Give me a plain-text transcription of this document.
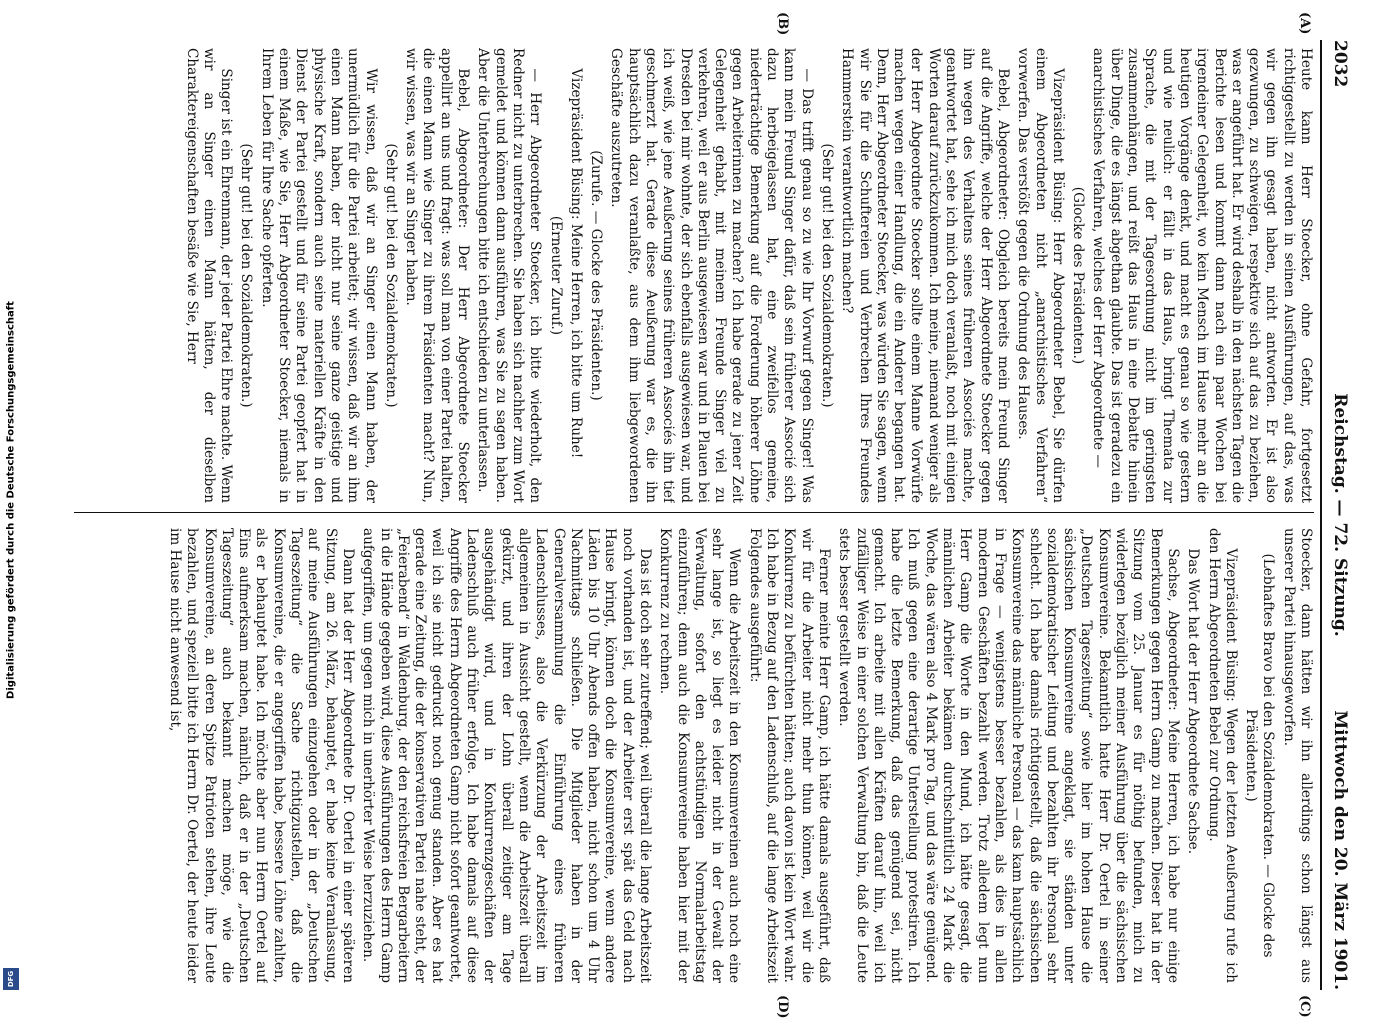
Digitalisierung gefördert durch die Deutsche Forschungsgemeinschaft
DFG
2032
Reichstag. — 72. Sitzung.
Mittwoch den 20. März 1901.
(A)
(B)
(C)
(D)

Heute kann Herr Stoecker, ohne Gefahr, fortgesetzt richtiggestellt zu werden in seinen Ausführungen, auf das, was wir gegen ihn gesagt haben, nicht antworten. Er ist also gezwungen, zu schweigen, respektive sich auf das zu beziehen, was er angeführt hat. Er wird deshalb in den nächsten Tagen die Berichte lesen und kommt dann nach ein paar Wochen bei irgendeiner Gelegenheit, wo kein Mensch im Hause mehr an die heutigen Vorgänge denkt, und macht es genau so wie gestern und wie neulich: er fällt in das Haus, bringt Themata zur Sprache, die mit der Tagesordnung nicht im geringsten zusammenhängen, und reißt das Haus in eine Debatte hinein über Dinge, die es längst abgethan glaubte. Das ist geradezu ein anarchistisches Verfahren, welches der Herr Abgeordnete —

(Glocke des Präsidenten.)

Vizepräsident Büsing: Herr Abgeordneter Bebel, Sie dürfen einem Abgeordneten nicht „anarchistisches Verfahren“ vorwerfen. Das verstößt gegen die Ordnung des Hauses.

Bebel, Abgeordneter: Obgleich bereits mein Freund Singer auf die Angriffe, welche der Herr Abgeordnete Stoecker gegen ihn wegen des Verhaltens seines früheren Associés machte, geantwortet hat, sehe ich mich doch veranlaßt, noch mit einigen Worten darauf zurückzukommen. Ich meine, niemand weniger als der Herr Abgeordnete Stoecker sollte einem Manne Vorwürfe machen wegen einer Handlung, die ein Anderer begangen hat. Denn, Herr Abgeordneter Stoecker, was würden Sie sagen, wenn wir Sie für die Schuftereien und Verbrechen Ihres Freundes Hammerstein verantwortlich machen?

(Sehr gut! bei den Sozialdemokraten.)

— Das trifft genau so zu wie Ihr Vorwurf gegen Singer! Was kann mein Freund Singer dafür, daß sein früherer Associé sich dazu herbeigelassen hat, eine zweifellos gemeine, niederträchtige Bemerkung auf die Forderung höherer Löhne gegen Arbeiterinnen zu machen? Ich habe gerade zu jener Zeit Gelegenheit gehabt, mit meinem Freunde Singer viel zu verkehren, weil er aus Berlin ausgewiesen war und in Plauen bei Dresden bei mir wohnte, der sich ebenfalls ausgewiesen war, und ich weiß, wie jene Aeußerung seines früheren Associés ihn tief geschmerzt hat. Gerade diese Aeußerung war es, die ihn hauptsächlich dazu veranlaßte, aus dem ihm liebgewordenen Geschäfte auszutreten.

(Zurufe. — Glocke des Präsidenten.)

Vizepräsident Büsing: Meine Herren, ich bitte um Ruhe!

(Erneuter Zuruf.)

— Herr Abgeordneter Stoecker, ich bitte wiederholt, den Redner nicht zu unterbrechen. Sie haben sich nachher zum Wort gemeldet und können dann ausführen, was Sie zu sagen haben. Aber die Unterbrechungen bitte ich entschieden zu unterlassen.

Bebel, Abgeordneter: Der Herr Abgeordnete Stoecker appellirt an uns und fragt: was soll man von einer Partei halten, die einen Mann wie Singer zu ihrem Präsidenten macht? Nun, wir wissen, was wir an Singer haben.

(Sehr gut! bei den Sozialdemokraten.)

Wir wissen, daß wir an Singer einen Mann haben, der unermüdlich für die Partei arbeitet; wir wissen, daß wir an ihm einen Mann haben, der nicht nur seine ganze geistige und physische Kraft, sondern auch seine materiellen Kräfte in den Dienst der Partei gestellt und für seine Partei geopfert hat in einem Maße, wie Sie, Herr Abgeordneter Stoecker, niemals in Ihrem Leben für Ihre Sache opferten.

(Sehr gut! bei den Sozialdemokraten.)

Singer ist ein Ehrenmann, der jeder Partei Ehre machte. Wenn wir an Singer einen Mann hätten, der dieselben Charaktereigenschaften besäße wie Sie, Herr

Stoecker, dann hätten wir ihn allerdings schon längst aus unserer Partei hinausgeworfen.

(Lebhaftes Bravo bei den Sozialdemokraten. — Glocke des Präsidenten.)

Vizepräsident Büsing: Wegen der letzten Aeußerung rufe ich den Herrn Abgeordneten Bebel zur Ordnung.

Das Wort hat der Herr Abgeordnete Sachse.

Sachse, Abgeordneter: Meine Herren, ich habe nur einige Bemerkungen gegen Herrn Gamp zu machen. Dieser hat in der Sitzung vom 25. Januar es für nöthig befunden, mich zu widerlegen bezüglich meiner Ausführung über die sächsischen Konsumvereine. Bekanntlich hatte Herr Dr. Oertel in seiner „Deutschen Tageszeitung“ sowie hier im hohen Hause die sächsischen Konsumvereine angeklagt, sie ständen unter sozialdemokratischer Leitung und bezahlten ihr Personal sehr schlecht. Ich habe damals richtiggestellt, daß die sächsischen Konsumvereine das männliche Personal — das kam hauptsächlich in Frage — wenigstens besser bezahlen, als dies in allen modernen Geschäften bezahlt werden. Trotz alledem legt nun Herr Gamp die Worte in den Mund, ich hätte gesagt, die männlichen Arbeiter bekämen durchschnittlich 24 Mark die Woche, das wären also 4 Mark pro Tag, und das wäre genügend. Ich muß gegen eine derartige Unterstellung protestiren. Ich habe die letzte Bemerkung, daß das genügend sei, nicht gemacht. Ich arbeite mit allen Kräften darauf hin, weil ich zufälliger Weise in einer solchen Verwaltung bin, daß die Leute stets besser gestellt werden.

Ferner meinte Herr Gamp, ich hätte damals ausgeführt, daß wir für die Arbeiter nicht mehr thun können, weil wir die Konkurrenz zu befürchten hätten; auch davon ist kein Wort wahr. Ich habe in Bezug auf den Ladenschluß, auf die lange Arbeitszeit Folgendes ausgeführt:

Wenn die Arbeitszeit in den Konsumvereinen auch noch eine sehr lange ist, so liegt es leider nicht in der Gewalt der Verwaltung, sofort den achtstündigen Normalarbeitstag einzuführen; denn auch die Konsumvereine haben hier mit der Konkurrenz zu rechnen.

Das ist doch sehr zutreffend; weil überall die lange Arbeitszeit noch vorhanden ist, und der Arbeiter erst spät das Geld nach Hause bringt, können doch die Konsumvereine, wenn andere Läden bis 10 Uhr Abends offen haben, nicht schon um 4 Uhr Nachmittags schließen. Die Mitglieder haben in der Generalversammlung die Einführung eines früheren Ladenschlusses, also die Verkürzung der Arbeitszeit im allgemeinen in Aussicht gestellt, wenn die Arbeitszeit überall gekürzt, und ihren der Lohn überall zeitiger am Tage ausgehändigt wird, und in Konkurrenzgeschäften der Ladenschluß auch früher erfolge. Ich habe damals auf diese Angriffe des Herrn Abgeordneten Gamp nicht sofort geantwortet, weil ich sie nicht gedruckt noch genug standen. Aber es hat gerade eine Zeitung, die der konservativen Partei nahe steht, der „Feierabend“ in Waldenburg, der den reichsfreien Bergarbeitern in die Hände gegeben wird, diese Ausführungen des Herrn Gamp aufgegriffen, um gegen mich in unerhörter Weise herzuziehen.

Dann hat der Herr Abgeordnete Dr. Oertel in einer späteren Sitzung, am 26. März, behauptet, er habe keine Veranlassung, auf meine Ausführungen einzugehen oder in der „Deutschen Tageszeitung“ die Sache richtigzustellen, daß die Konsumvereine, die er angegriffen habe, bessere Löhne zahlten, als er behauptet habe. Ich möchte aber nun Herrn Oertel auf Eins aufmerksam machen, nämlich, daß er in der „Deutschen Tageszeitung“ auch bekannt machen möge, wie die Konsumvereine, an deren Spitze Patrioten stehen, ihre Leute bezahlen, und speziell bitte ich Herrn Dr. Oertel, der heute leider im Hause nicht anwesend ist,
